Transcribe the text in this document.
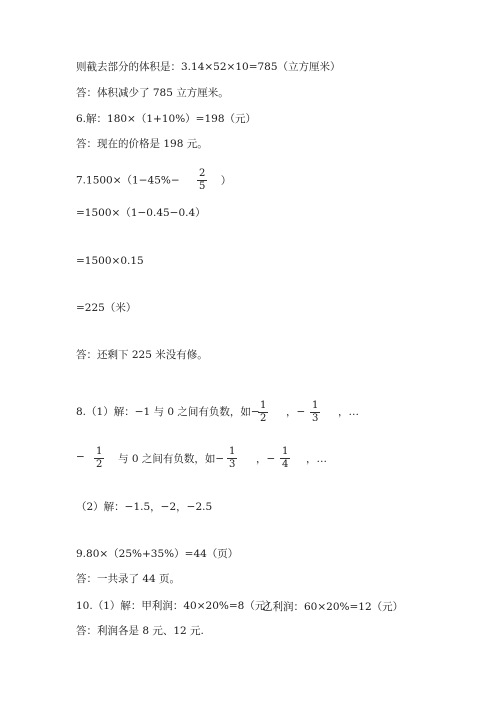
则截去部分的体积是：3.14×52×10=785（立方厘米）
答：体积减少了 785 立方厘米。
6.解：180×（1+10%）=198（元）
答：现在的价格是 198 元。
$7.1500\times(1-45\%- \frac{2}{5}$ ）
=1500×（1−0.45−0.4）
=1500×0.15
=225（米）
答：还剩下 225 米没有修。
8.（1）解：−1 与 0 之间有负数，如−
$\frac{1}{2}$ ，− $\frac{1}{3}$ ，…
− $\frac{1}{2}$ 与 0 之间有负数，如− $\frac{1}{3}$ ，− $\frac{1}{4}$ ，…
（2）解：−1.5，−2，−2.5
9.80×（25%+35%）=44（页）
答：一共录了 44 页。
10.（1）解：甲利润：40×20%=8（元）
乙利润：60×20%=12（元）
答：利润各是 8 元、12 元.
